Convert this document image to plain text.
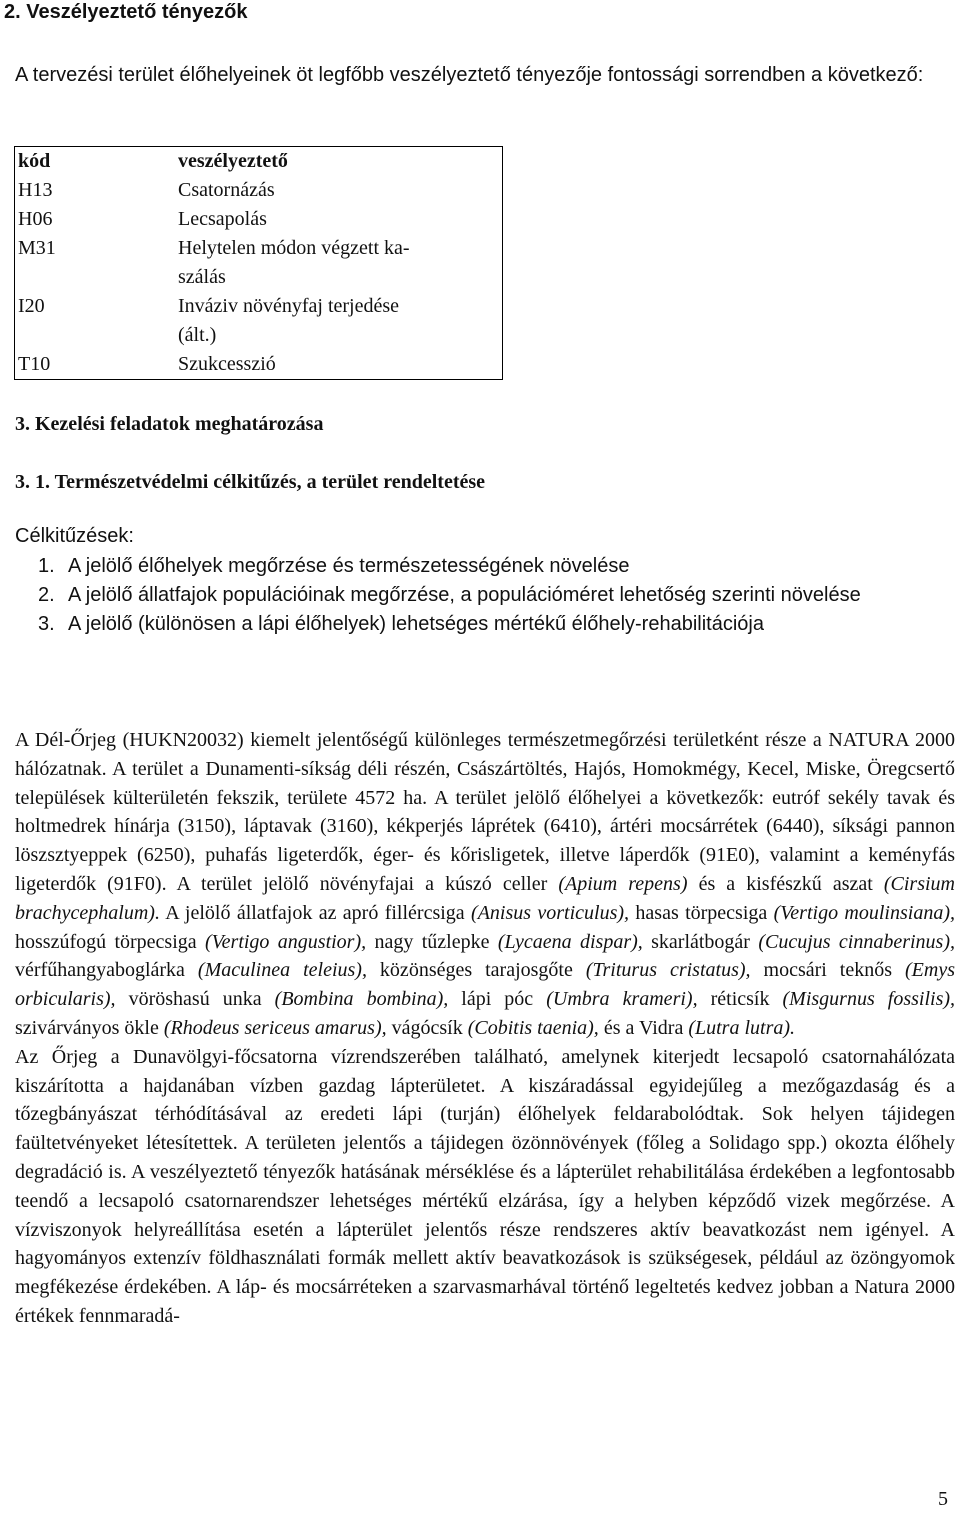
2. Veszélyeztető tényezők
A tervezési terület élőhelyeinek öt legfőbb veszélyeztető tényezője fontossági sorrendben a következő:
kód	veszélyeztető
H13	Csatornázás
H06	Lecsapolás
M31	Helytelen módon végzett ka-
szálás
I20	Inváziv növényfaj terjedése
(ált.)
T10	Szukcesszió
3. Kezelési feladatok meghatározása
3. 1. Természetvédelmi célkitűzés, a terület rendeltetése
Célkitűzések:
1. A jelölő élőhelyek megőrzése és természetességének növelése
2. A jelölő állatfajok populációinak megőrzése, a populációméret lehetőség szerinti növelése
3. A jelölő (különösen a lápi élőhelyek) lehetséges mértékű élőhely-rehabilitációja

A Dél-Őrjeg (HUKN20032) kiemelt jelentőségű különleges természetmegőrzési területként része a NATURA 2000 hálózatnak. A terület a Dunamenti-síkság déli részén, Császártöltés, Hajós, Homokmégy, Kecel, Miske, Öregcsertő települések külterületén fekszik, területe 4572 ha. A terület jelölő élőhelyei a következők: eutróf sekély tavak és holtmedrek hínárja (3150), láptavak (3160), kékperjés láprétek (6410), ártéri mocsárrétek (6440), síksági pannon löszsztyeppek (6250), puhafás ligeterdők, éger- és kőrisligetek, illetve láperdők (91E0), valamint a keményfás ligeterdők (91F0). A terület jelölő növényfajai a kúszó celler (Apium repens) és a kisfészkű aszat (Cirsium brachycephalum). A jelölő állatfajok az apró fillércsiga (Anisus vorticulus), hasas törpecsiga (Vertigo moulinsiana), hosszúfogú törpecsiga (Vertigo angustior), nagy tűzlepke (Lycaena dispar), skarlátbogár (Cucujus cinnaberinus), vérfűhangyaboglárka (Maculinea teleius), közönséges tarajosgőte (Triturus cristatus), mocsári teknős (Emys orbicularis), vöröshasú unka (Bombina bombina), lápi póc (Umbra krameri), réticsík (Misgurnus fossilis), szivárványos ökle (Rhodeus sericeus amarus), vágócsík (Cobitis taenia), és a Vidra (Lutra lutra).

Az Őrjeg a Dunavölgyi-főcsatorna vízrendszerében található, amelynek kiterjedt lecsapoló csatornahálózata kiszárította a hajdanában vízben gazdag lápterületet. A kiszáradással egyidejűleg a mezőgazdaság és a tőzegbányászat térhódításával az eredeti lápi (turján) élőhelyek feldarabolódtak. Sok helyen tájidegen faültetvényeket létesítettek. A területen jelentős a tájidegen özönnövények (főleg a Solidago spp.) okozta élőhely degradáció is. A veszélyeztető tényezők hatásának mérséklése és a lápterület rehabilitálása érdekében a legfontosabb teendő a lecsapoló csatornarendszer lehetséges mértékű elzárása, így a helyben képződő vizek megőrzése. A vízviszonyok helyreállítása esetén a lápterület jelentős része rendszeres aktív beavatkozást nem igényel. A hagyományos extenzív földhasználati formák mellett aktív beavatkozások is szükségesek, például az özöngyomok megfékezése érdekében. A láp- és mocsárréteken a szarvasmarhával történő legeltetés kedvez jobban a Natura 2000 értékek fennmaradá-

5
